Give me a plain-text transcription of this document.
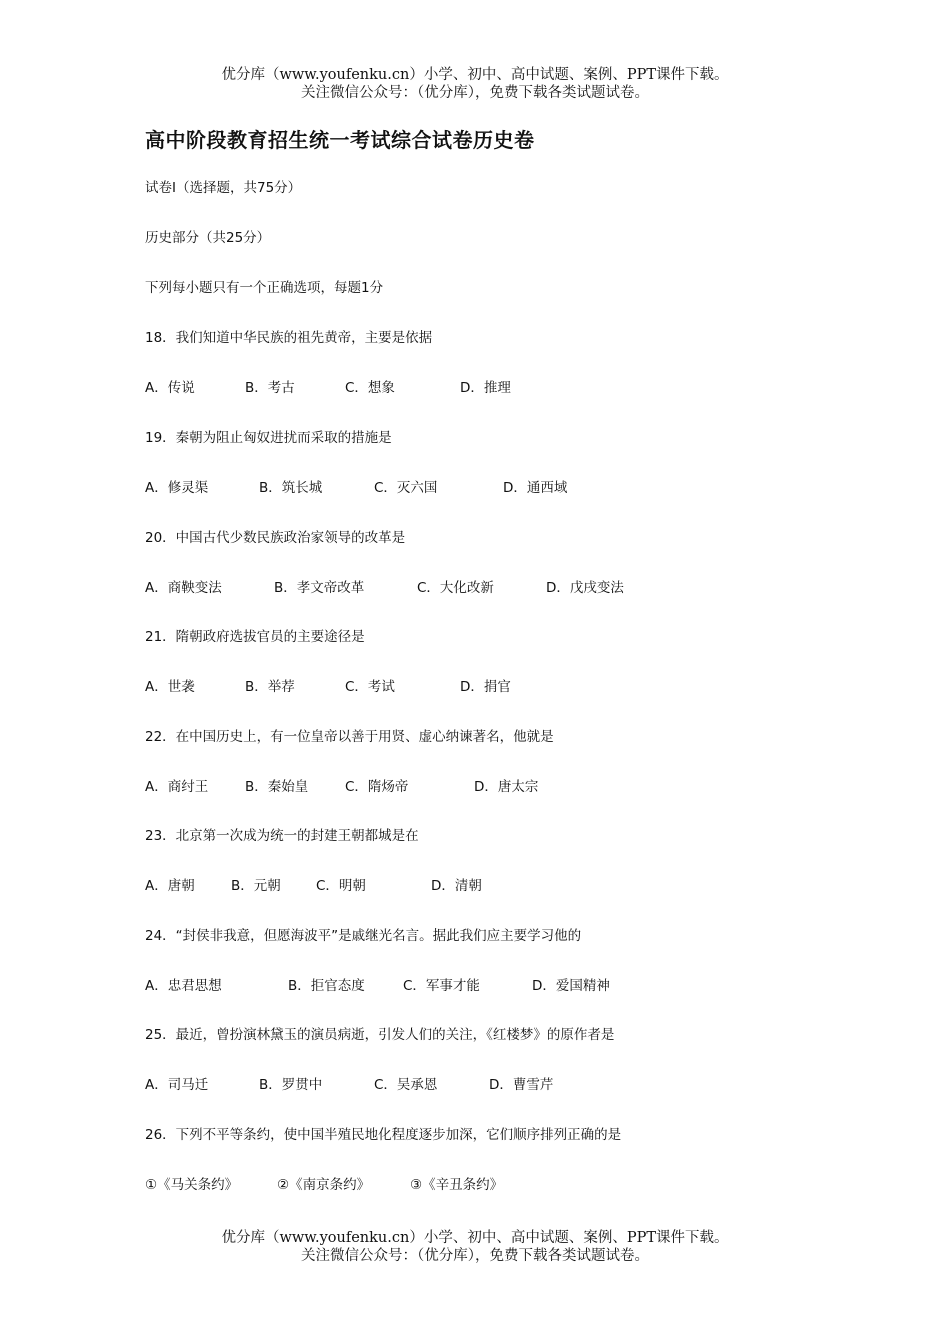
优分库（www.youfenku.cn）小学、初中、高中试题、案例、PPT课件下载。
关注微信公众号：（优分库），免费下载各类试题试卷。
高中阶段教育招生统一考试综合试卷历史卷
试卷Ⅰ（选择题，共75分）
历史部分（共25分）
下列每小题只有一个正确选项，每题1分
18．我们知道中华民族的祖先黄帝，主要是依据
A．传说	B．考古	C．想象	D．推理
19．秦朝为阻止匈奴进扰而采取的措施是
A．修灵渠	B．筑长城	C．灭六国	D．通西域
20．中国古代少数民族政治家领导的改革是
A．商鞅变法	B．孝文帝改革	C．大化改新	D．戊戌变法
21．隋朝政府选拔官员的主要途径是
A．世袭	B．举荐	C．考试	D．捐官
22．在中国历史上，有一位皇帝以善于用贤、虚心纳谏著名，他就是
A．商纣王	B．秦始皇	C．隋炀帝	D．唐太宗
23．北京第一次成为统一的封建王朝都城是在
A．唐朝	B．元朝	C．明朝	D．清朝
24．“封侯非我意，但愿海波平”是戚继光名言。据此我们应主要学习他的
A．忠君思想	B．拒官态度	C．军事才能	D．爱国精神
25．最近，曾扮演林黛玉的演员病逝，引发人们的关注，《红楼梦》的原作者是
A．司马迁	B．罗贯中	C．吴承恩	D．曹雪芹
26．下列不平等条约，使中国半殖民地化程度逐步加深，它们顺序排列正确的是
①《马关条约》	②《南京条约》	③《辛丑条约》
优分库（www.youfenku.cn）小学、初中、高中试题、案例、PPT课件下载。
关注微信公众号：（优分库），免费下载各类试题试卷。
